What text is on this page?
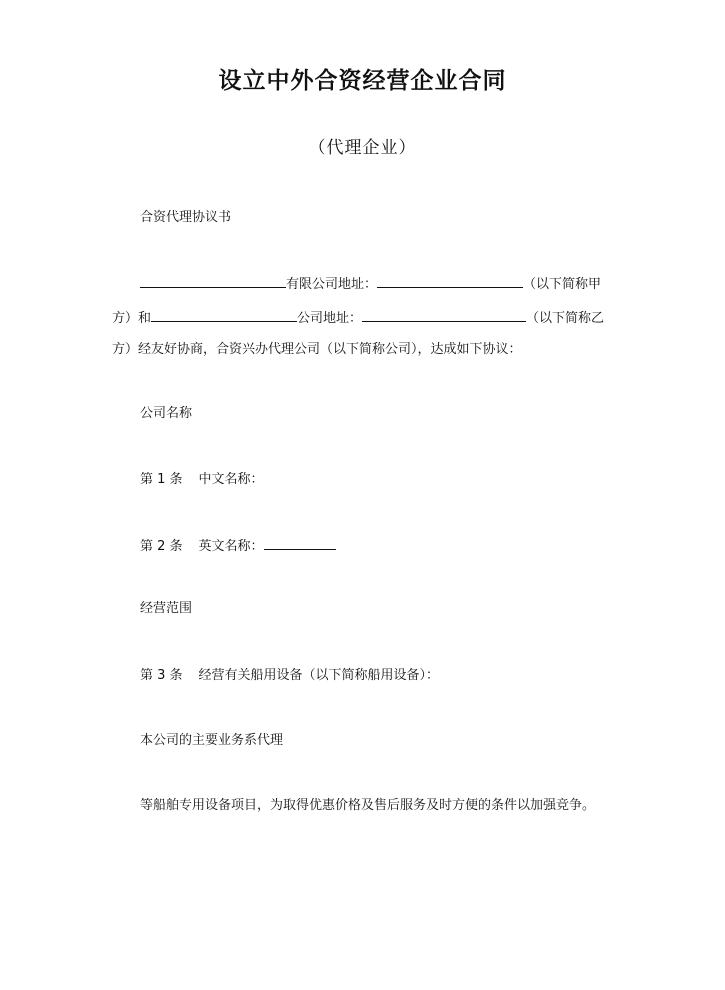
设立中外合资经营企业合同
（代理企业）
合资代理协议书
有限公司地址：	（以下简称甲
方）和	公司地址：	（以下简称乙
方）经友好协商，合资兴办代理公司（以下简称公司），达成如下协议：
公司名称
第 1 条 中文名称：
第 2 条 英文名称：
经营范围
第 3 条 经营有关船用设备（以下简称船用设备）：
本公司的主要业务系代理
等船舶专用设备项目，为取得优惠价格及售后服务及时方便的条件以加强竞争。
